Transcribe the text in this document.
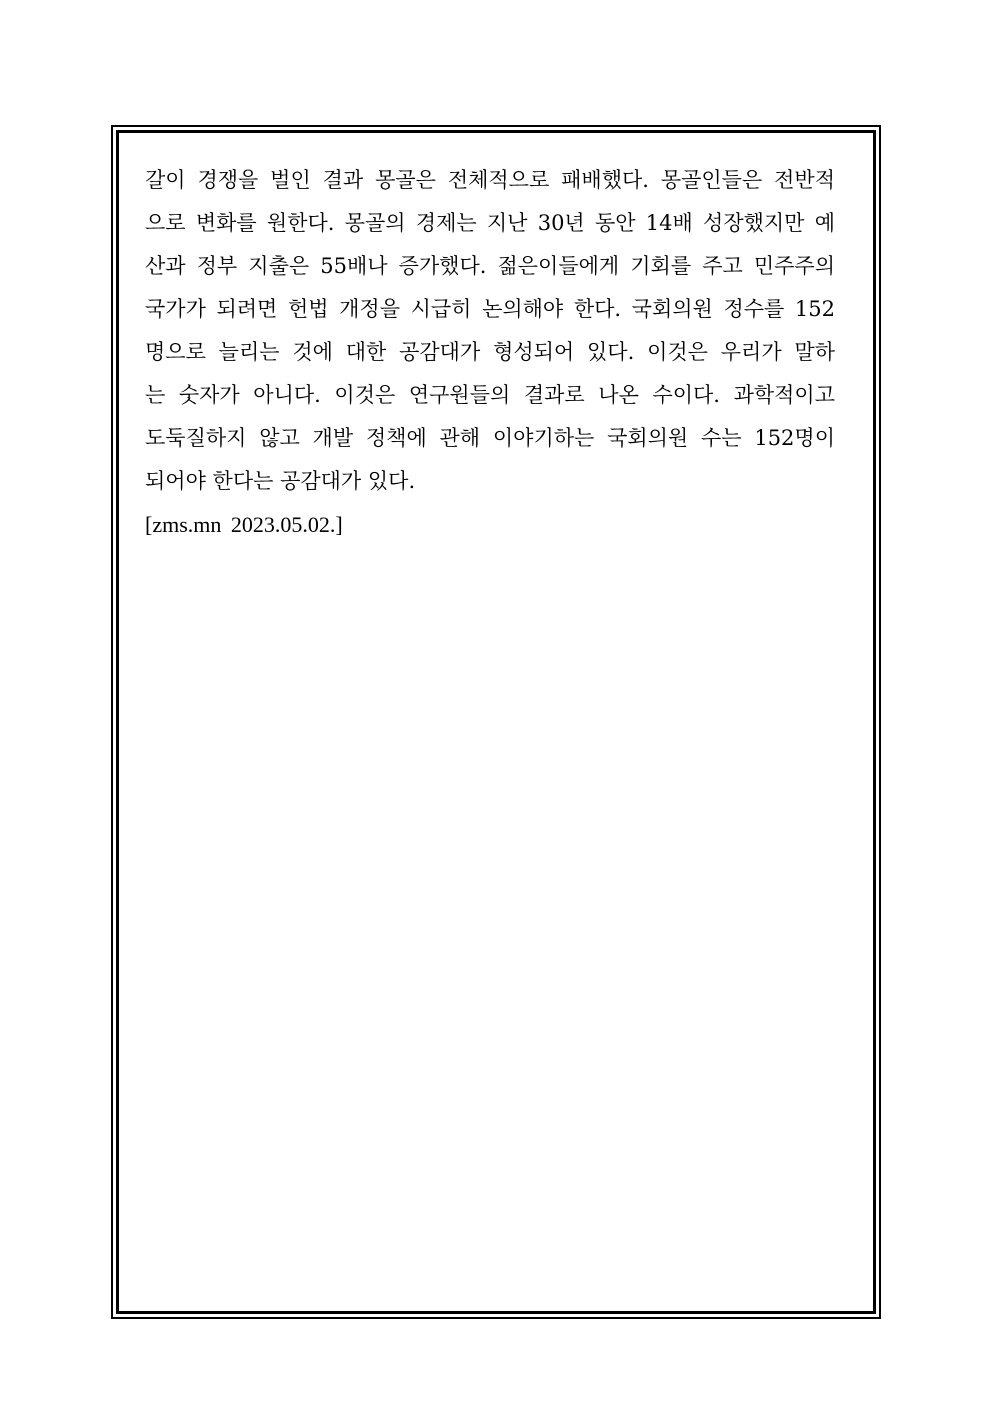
갈이 경쟁을 벌인 결과 몽골은 전체적으로 패배했다. 몽골인들은 전반적
으로 변화를 원한다. 몽골의 경제는 지난 30년 동안 14배 성장했지만 예
산과 정부 지출은 55배나 증가했다. 젊은이들에게 기회를 주고 민주주의
국가가 되려면 헌법 개정을 시급히 논의해야 한다. 국회의원 정수를 152
명으로 늘리는 것에 대한 공감대가 형성되어 있다. 이것은 우리가 말하
는 숫자가 아니다. 이것은 연구원들의 결과로 나온 수이다. 과학적이고
도둑질하지 않고 개발 정책에 관해 이야기하는 국회의원 수는 152명이
되어야 한다는 공감대가 있다.
[zms.mn 2023.05.02.]
